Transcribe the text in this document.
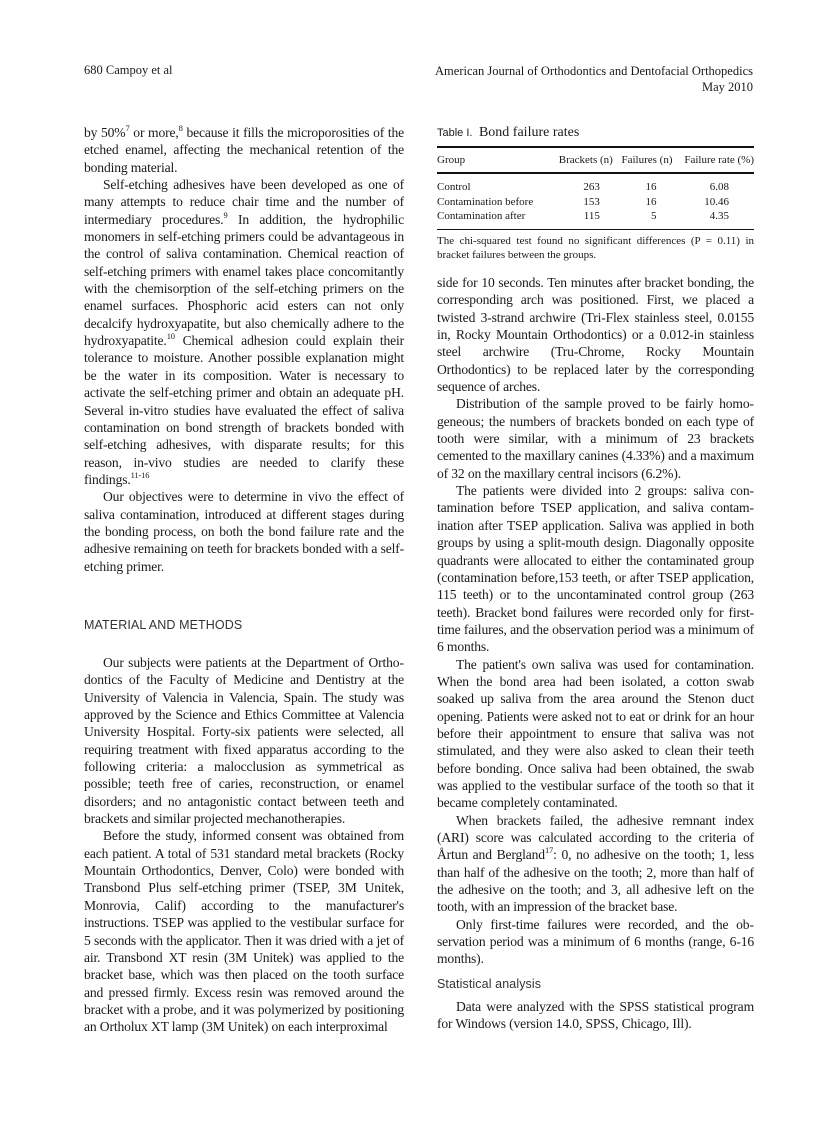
680 Campoy et al	American Journal of Orthodontics and Dentofacial Orthopedics
May 2010

by 50%$^7$ or more,$^8$ because it fills the microporosities of the etched enamel, affecting the mechanical retention of the bonding material.

Self-etching adhesives have been developed as one of many attempts to reduce chair time and the number of intermediary procedures.$^9$ In addition, the hydrophilic monomers in self-etching primers could be advantageous in the control of saliva contamination. Chemical reaction of self-etching primers with enamel takes place concomitantly with the chemisorption of the self-etching primers on the enamel surfaces. Phosphoric acid esters can not only decalcify hydroxyapatite, but also chemically adhere to the hydroxyapatite.$^{10}$ Chemical adhesion could explain their tolerance to moisture. Another possible explanation might be the water in its composition. Water is necessary to activate the self-etching primer and obtain an adequate pH. Several in-vitro studies have evaluated the effect of saliva contamination on bond strength of brackets bonded with self-etching adhesives, with disparate results; for this reason, in-vivo studies are needed to clarify these findings.$^{11-16}$

Our objectives were to determine in vivo the effect of saliva contamination, introduced at different stages during the bonding process, on both the bond failure rate and the adhesive remaining on teeth for brackets bonded with a self-etching primer.

MATERIAL AND METHODS

Our subjects were patients at the Department of Orthodontics of the Faculty of Medicine and Dentistry at the University of Valencia in Valencia, Spain. The study was approved by the Science and Ethics Committee at Valencia University Hospital. Forty-six patients were selected, all requiring treatment with fixed apparatus according to the following criteria: a malocclusion as symmetrical as possible; teeth free of caries, reconstruction, or enamel disorders; and no antagonistic contact between teeth and brackets and similar projected mechanotherapies.

Before the study, informed consent was obtained from each patient. A total of 531 standard metal brackets (Rocky Mountain Orthodontics, Denver, Colo) were bonded with Transbond Plus self-etching primer (TSEP, 3M Unitek, Monrovia, Calif) according to the manufacturer's instructions. TSEP was applied to the vestibular surface for 5 seconds with the applicator. Then it was dried with a jet of air. Transbond XT resin (3M Unitek) was applied to the bracket base, which was then placed on the tooth surface and pressed firmly. Excess resin was removed around the bracket with a probe, and it was polymerized by positioning an Ortholux XT lamp (3M Unitek) on each interproximal

Table I. Bond failure rates
Group	Brackets (n)	Failures (n)	Failure rate (%)
Control	263	16	6.08
Contamination before	153	16	10.46
Contamination after	115	5	4.35
The chi-squared test found no significant differences (P = 0.11) in bracket failures between the groups.

side for 10 seconds. Ten minutes after bracket bonding, the corresponding arch was positioned. First, we placed a twisted 3-strand archwire (Tri-Flex stainless steel, 0.0155 in, Rocky Mountain Orthodontics) or a 0.012-in stainless steel archwire (Tru-Chrome, Rocky Mountain Orthodontics) to be replaced later by the corresponding sequence of arches.

Distribution of the sample proved to be fairly homogeneous; the numbers of brackets bonded on each type of tooth were similar, with a minimum of 23 brackets cemented to the maxillary canines (4.33%) and a maximum of 32 on the maxillary central incisors (6.2%).

The patients were divided into 2 groups: saliva contamination before TSEP application, and saliva contamination after TSEP application. Saliva was applied in both groups by using a split-mouth design. Diagonally opposite quadrants were allocated to either the contaminated group (contamination before,153 teeth, or after TSEP application, 115 teeth) or to the uncontaminated control group (263 teeth). Bracket bond failures were recorded only for first-time failures, and the observation period was a minimum of 6 months.

The patient's own saliva was used for contamination. When the bond area had been isolated, a cotton swab soaked up saliva from the area around the Stenon duct opening. Patients were asked not to eat or drink for an hour before their appointment to ensure that saliva was not stimulated, and they were also asked to clean their teeth before bonding. Once saliva had been obtained, the swab was applied to the vestibular surface of the tooth so that it became completely contaminated.

When brackets failed, the adhesive remnant index (ARI) score was calculated according to the criteria of Årtun and Bergland$^{17}$: 0, no adhesive on the tooth; 1, less than half of the adhesive on the tooth; 2, more than half of the adhesive on the tooth; and 3, all adhesive left on the tooth, with an impression of the bracket base.

Only first-time failures were recorded, and the observation period was a minimum of 6 months (range, 6-16 months).

Statistical analysis

Data were analyzed with the SPSS statistical program for Windows (version 14.0, SPSS, Chicago, Ill).
